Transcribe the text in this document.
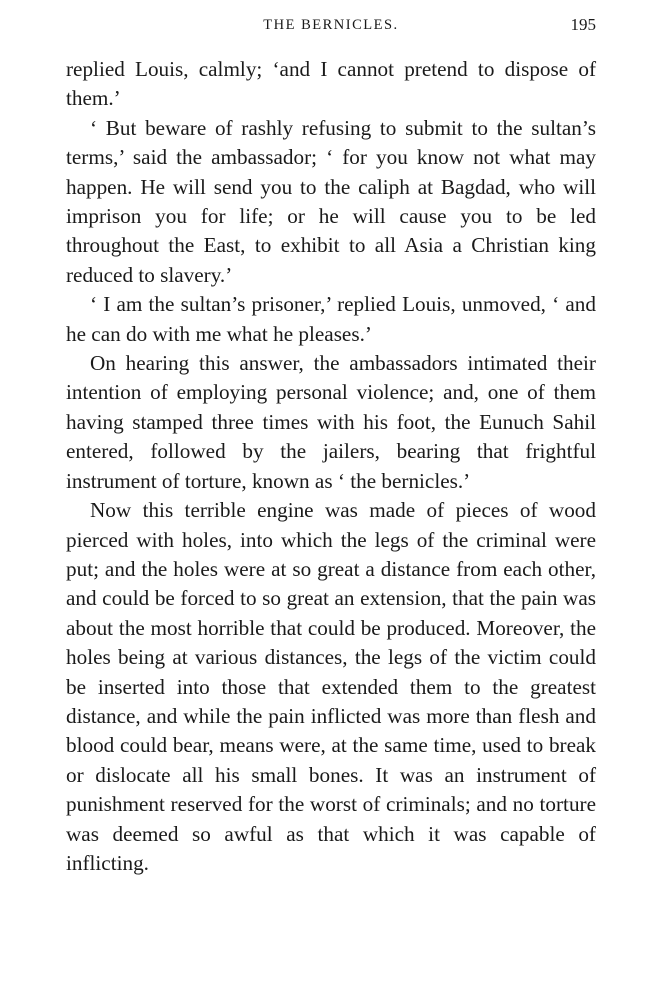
THE BERNICLES.	195

replied Louis, calmly; ‘and I cannot pretend to dispose of them.’

‘ But beware of rashly refusing to submit to the sultan’s terms,’ said the ambassador; ‘ for you know not what may happen. He will send you to the caliph at Bagdad, who will imprison you for life; or he will cause you to be led throughout the East, to exhibit to all Asia a Christian king reduced to slavery.’

‘ I am the sultan’s prisoner,’ replied Louis, unmoved, ‘ and he can do with me what he pleases.’

On hearing this answer, the ambassadors intimated their intention of employing personal violence; and, one of them having stamped three times with his foot, the Eunuch Sahil entered, followed by the jailers, bearing that frightful instrument of torture, known as ‘ the bernicles.’

Now this terrible engine was made of pieces of wood pierced with holes, into which the legs of the criminal were put; and the holes were at so great a distance from each other, and could be forced to so great an extension, that the pain was about the most horrible that could be produced. Moreover, the holes being at various distances, the legs of the victim could be inserted into those that extended them to the greatest distance, and while the pain inflicted was more than flesh and blood could bear, means were, at the same time, used to break or dislocate all his small bones. It was an instrument of punishment reserved for the worst of criminals; and no torture was deemed so awful as that which it was capable of inflicting.
